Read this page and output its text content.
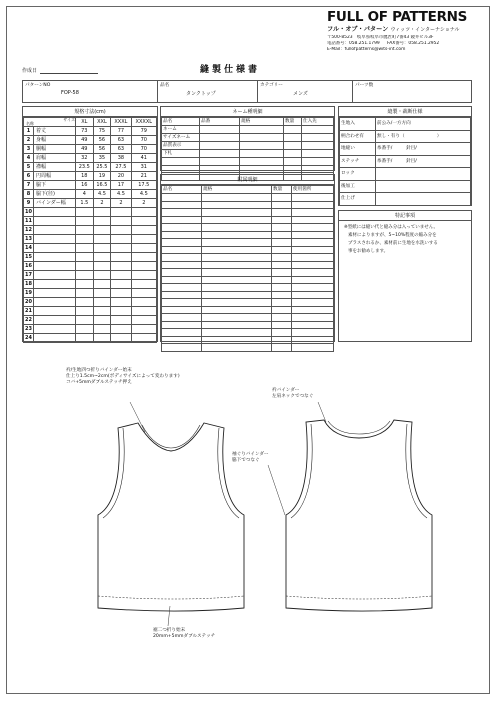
FULL OF PATTERNS
フル・オブ・パターン ウィッツ・インターナショナル
〒500-8523　岐阜県岐阜市鷹匠町7番43 鏡井ビル3F
電話番号：058.251.1799 FAX番号：058.251.2952
E-Mail：fullofpatterns@wits-int.com
作成日	縫製仕様書
パターンNO
FOP-58
	品名
タンクトップ
	カテゴリー
メンズ
	パーツ数
規格寸法(cm)
サイズ
名称		XL	XXL	XXXL	XXXXL
1	着丈	73	75	77	79
2	身幅	49	56	63	70
3	胴幅	49	56	63	70
4	肩幅	32	35	38	41
5	襟幅	23.5	25.5	27.5	31
6	円周幅	18	19	20	21
7	脇下	16	16.5	17	17.5
8	脇下(径)	4	4.5	4.5	4.5
9	バインダー幅	1.5	2	2	2
10					
11					
12					
13					
14					
15					
16					
17					
18					
19					
20					
21					
22					
23					
24					
ネーム種明細
品名	品番	規格	数量	仕入先
ネーム				
サイズネーム				
品質表示				
下札				

附属明細
品名	規格	数量	使用箇所

縫製・裁断仕様
生地入	前公み/一方方向
柄合わせ有	無し・有り（　　　　　　　）
地縫い	糸番手/　　　針目/
ステッチ	糸番手/　　　針目/
ロック	
後加工	
仕上げ	
特記事項
※型紙には縫い代と縫み分は入っていません。
素材によりますが、5~10%程度の縮み分を
プラスされるか、素材前に生地を水洗いする
事をお勧めします。
衿/生地四つ折りバインダー始末
仕上り1.5cm~2cm(ボディサイズによって変わります)
コバ+5mmダブルステッチ押え
裾二つ折り始末
20mm+5mmダブルステッチ
衿バインダー
左肩ネックでつなぐ
袖ぐりバインダー
脇下でつなぐ
